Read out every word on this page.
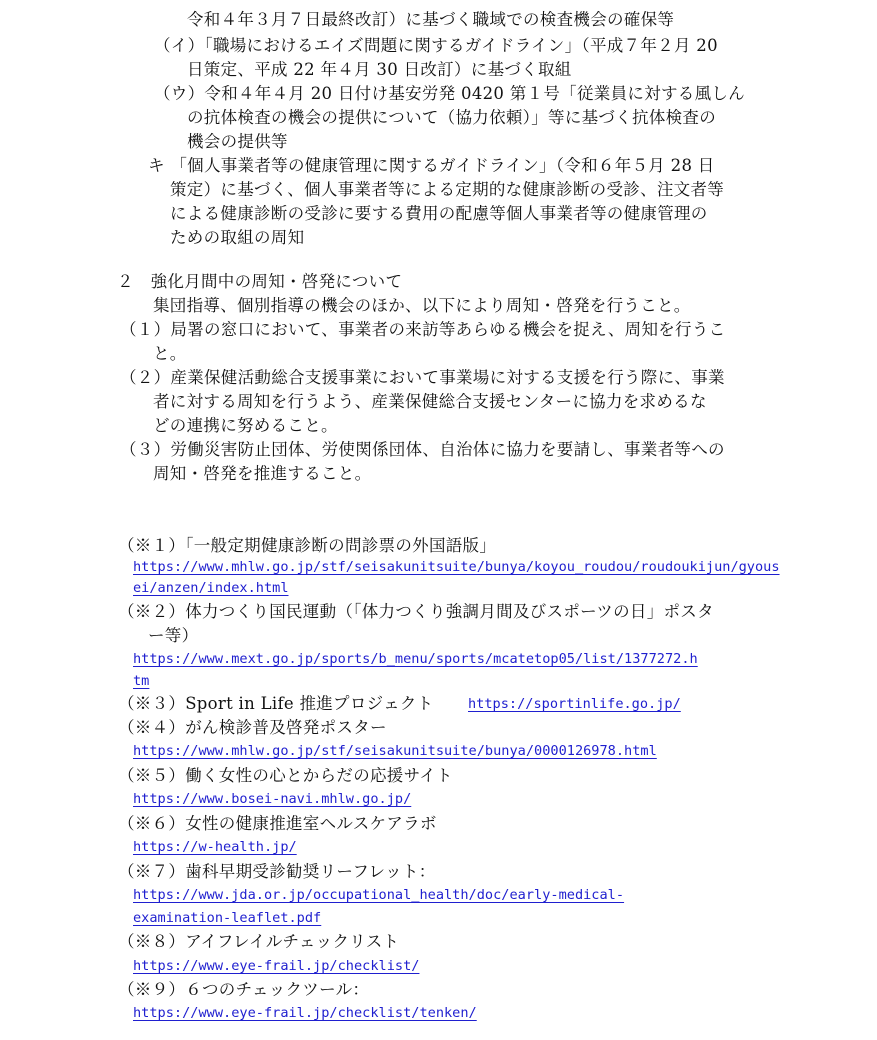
令和４年３月７日最終改訂）に基づく職域での検査機会の確保等
（イ）「職場におけるエイズ問題に関するガイドライン」（平成７年２月 20
日策定、平成 22 年４月 30 日改訂）に基づく取組
（ウ）令和４年４月 20 日付け基安労発 0420 第１号「従業員に対する風しん
の抗体検査の機会の提供について（協力依頼）」等に基づく抗体検査の
機会の提供等
キ 「個人事業者等の健康管理に関するガイドライン」（令和６年５月 28 日
策定）に基づく、個人事業者等による定期的な健康診断の受診、注文者等
による健康診断の受診に要する費用の配慮等個人事業者等の健康管理の
ための取組の周知
２　強化月間中の周知・啓発について
集団指導、個別指導の機会のほか、以下により周知・啓発を行うこと。
（１）局署の窓口において、事業者の来訪等あらゆる機会を捉え、周知を行うこ
と。
（２）産業保健活動総合支援事業において事業場に対する支援を行う際に、事業
者に対する周知を行うよう、産業保健総合支援センターに協力を求めるな
どの連携に努めること。
（３）労働災害防止団体、労使関係団体、自治体に協力を要請し、事業者等への
周知・啓発を推進すること。
（※１）「一般定期健康診断の問診票の外国語版」
https://www.mhlw.go.jp/stf/seisakunitsuite/bunya/koyou_roudou/roudoukijun/gyous
ei/anzen/index.html
（※２）体力つくり国民運動（「体力つくり強調月間及びスポーツの日」ポスタ
ー等）
https://www.mext.go.jp/sports/b_menu/sports/mcatetop05/list/1377272.h
tm
（※３）Sport in Life 推進プロジェクト	https://sportinlife.go.jp/
（※４）がん検診普及啓発ポスター
https://www.mhlw.go.jp/stf/seisakunitsuite/bunya/0000126978.html
（※５）働く女性の心とからだの応援サイト
https://www.bosei-navi.mhlw.go.jp/
（※６）女性の健康推進室ヘルスケアラボ
https://w-health.jp/
（※７）歯科早期受診勧奨リーフレット：
https://www.jda.or.jp/occupational_health/doc/early-medical-
examination-leaflet.pdf
（※８）アイフレイルチェックリスト
https://www.eye-frail.jp/checklist/
（※９）６つのチェックツール：
https://www.eye-frail.jp/checklist/tenken/
